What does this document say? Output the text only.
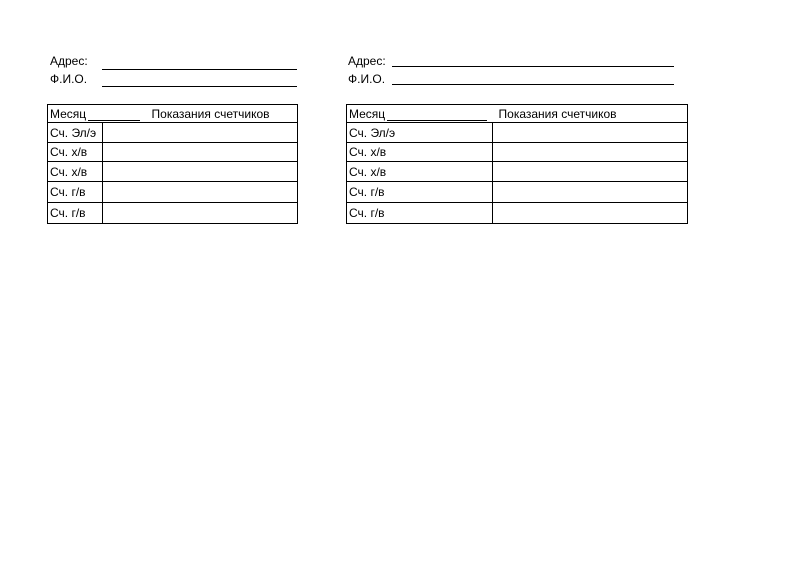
Адрес:
Ф.И.О.
Месяц Показания счетчиков	
Сч. Эл/э	
Сч. х/в	
Сч. х/в	
Сч. г/в	
Сч. г/в	
Адрес:
Ф.И.О.
Месяц Показания счетчиков	
Сч. Эл/э	
Сч. х/в	
Сч. х/в	
Сч. г/в	
Сч. г/в	
